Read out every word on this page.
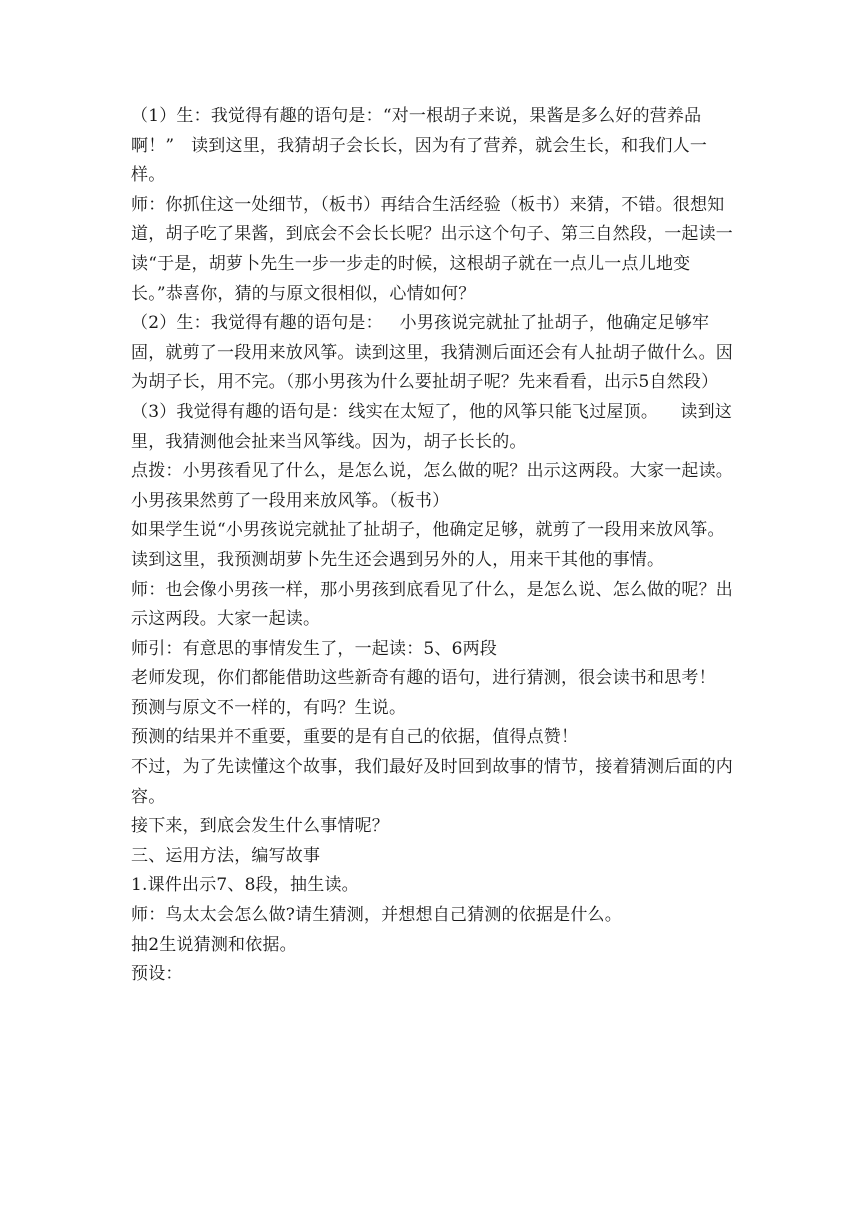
（1）生：我觉得有趣的语句是：“对一根胡子来说，果酱是多么好的营养品啊！”   读到这里，我猜胡子会长长，因为有了营养，就会生长，和我们人一样。

师：你抓住这一处细节，（板书）再结合生活经验（板书）来猜，不错。很想知道，胡子吃了果酱，到底会不会长长呢？出示这个句子、第三自然段，一起读一读“于是，胡萝卜先生一步一步走的时候，这根胡子就在一点儿一点儿地变长。”恭喜你，猜的与原文很相似，心情如何？

（2）生：我觉得有趣的语句是：   小男孩说完就扯了扯胡子，他确定足够牢固，就剪了一段用来放风筝。读到这里，我猜测后面还会有人扯胡子做什么。因为胡子长，用不完。（那小男孩为什么要扯胡子呢？先来看看，出示5自然段）

（3）我觉得有趣的语句是：线实在太短了，他的风筝只能飞过屋顶。    读到这里，我猜测他会扯来当风筝线。因为，胡子长长的。

点拨：小男孩看见了什么，是怎么说，怎么做的呢？出示这两段。大家一起读。

小男孩果然剪了一段用来放风筝。（板书）

如果学生说“小男孩说完就扯了扯胡子，他确定足够，就剪了一段用来放风筝。   读到这里，我预测胡萝卜先生还会遇到另外的人，用来干其他的事情。

师：也会像小男孩一样，那小男孩到底看见了什么，是怎么说、怎么做的呢？出示这两段。大家一起读。

师引：有意思的事情发生了，一起读：5、6两段

老师发现，你们都能借助这些新奇有趣的语句，进行猜测，很会读书和思考！

预测与原文不一样的，有吗？生说。

预测的结果并不重要，重要的是有自己的依据，值得点赞！

不过，为了先读懂这个故事，我们最好及时回到故事的情节，接着猜测后面的内容。

接下来，到底会发生什么事情呢？

三、运用方法，编写故事

1.课件出示7、8段，抽生读。

师：鸟太太会怎么做?请生猜测，并想想自己猜测的依据是什么。

抽2生说猜测和依据。

预设：
